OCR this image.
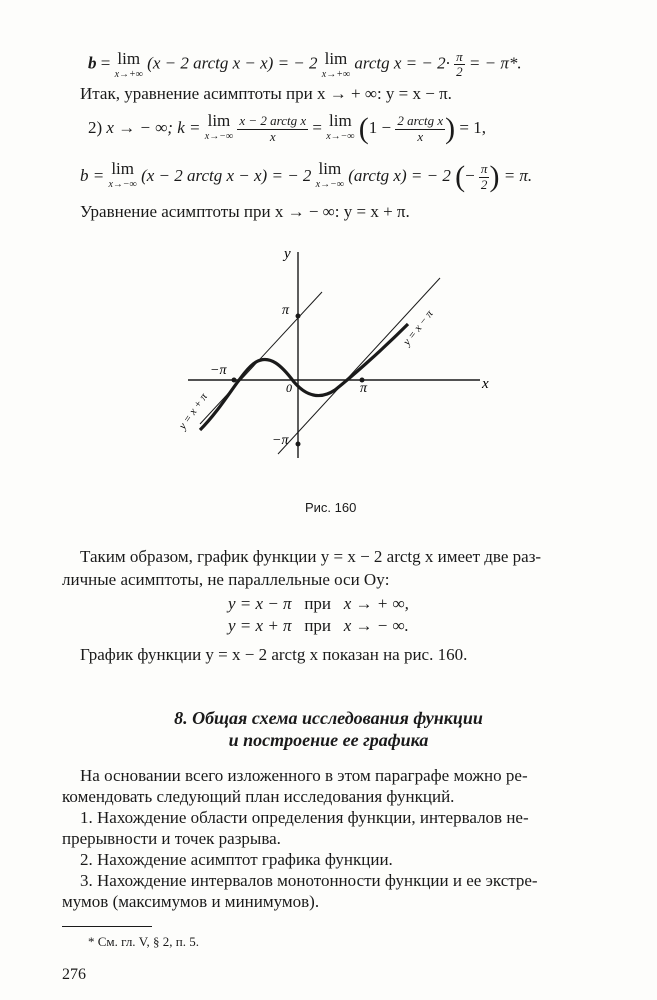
b = lim
x→+∞
(x − 2 arctg x − x) = − 2 lim
x→+∞
arctg x = − $2\cdot \frac{\pi}{2}$ = − π*.
Итак, уравнение асимптоты при x → + ∞: y = x − π.
2) x → − ∞; k = lim
x→−∞
$\frac{\text{x − 2 arctg x}}{x} = \lim$
x→−∞ ($1 - \frac{\text{2 arctg x}}{x}$ ) = 1,
b = lim
x→−∞ (x − 2 arctg x − x) = − 2 lim
x→−∞ (arctg x) = − 2 (− $\frac{\pi}{2}$ ) = π.
Уравнение асимптоты при x → − ∞: y = x + π.
y
x
0
π
π
−π
−π
y = x − π
y = x + π
Рис. 160
Таким образом, график функции y = x − 2 arctg x имеет две раз-
личные асимптоты, не параллельные оси Oy:
y = x − π при x → + ∞,
y = x + π при x → − ∞.
График функции y = x − 2 arctg x показан на рис. 160.
8. Общая схема исследования функции
и построение ее графика
На основании всего изложенного в этом параграфе можно ре-
комендовать следующий план исследования функций.
1. Нахождение области определения функции, интервалов не-
прерывности и точек разрыва.
2. Нахождение асимптот графика функции.
3. Нахождение интервалов монотонности функции и ее экстре-
мумов (максимумов и минимумов).
* См. гл. V, § 2, п. 5.
276
